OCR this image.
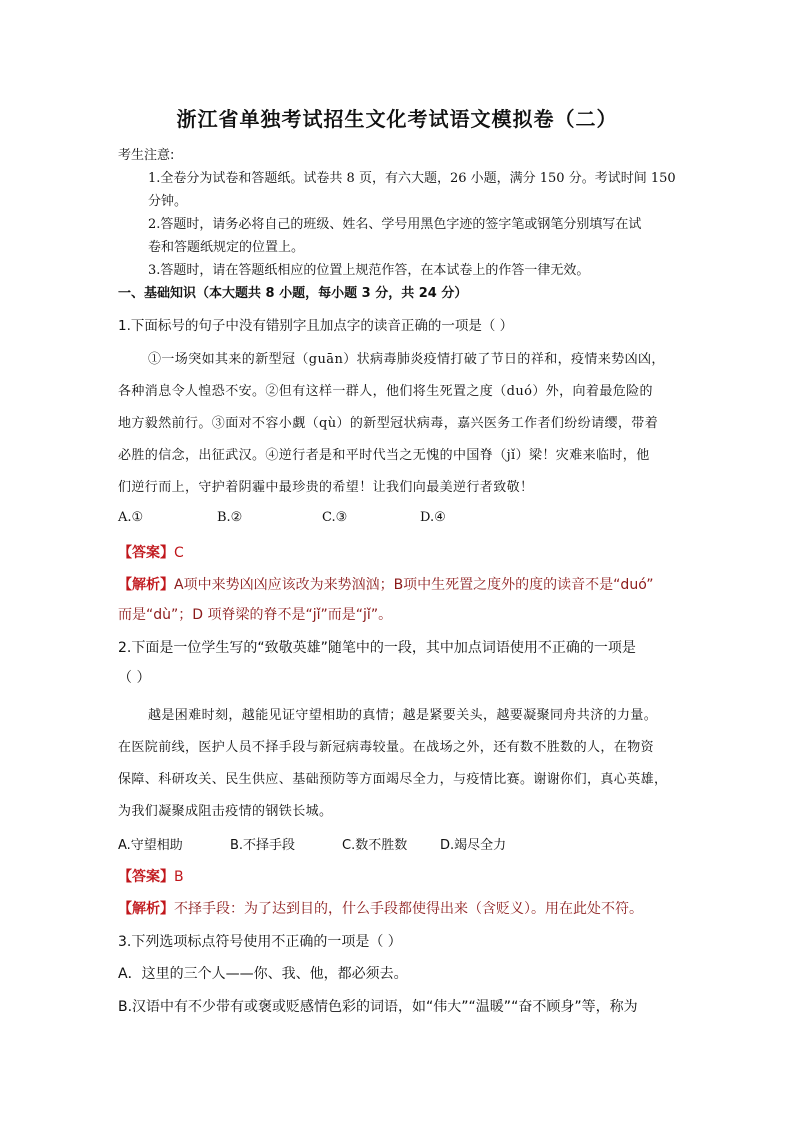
浙江省单独考试招生文化考试语文模拟卷（二）
考生注意:
1.全卷分为试卷和答题纸。试卷共 8 页，有六大题，26 小题，满分 150 分。考试时间 150
分钟。
2.答题时，请务必将自己的班级、姓名、学号用黑色字迹的签字笔或钢笔分别填写在试
卷和答题纸规定的位置上。
3.答题时，请在答题纸相应的位置上规范作答，在本试卷上的作答一律无效。
一、基础知识（本大题共 8 小题，每小题 3 分，共 24 分）
1.下面标号的句子中没有错别字且加点字的读音正确的一项是（ ）
①一场突如其来的新型冠（guān）状病毒肺炎疫情打破了节日的祥和，疫情来势凶凶，
各种消息令人惶恐不安。②但有这样一群人，他们将生死置之度（duó）外，向着最危险的
地方毅然前行。③面对不容小觑（qù）的新型冠状病毒，嘉兴医务工作者们纷纷请缨，带着
必胜的信念，出征武汉。④逆行者是和平时代当之无愧的中国脊（jǐ）梁！灾难来临时，他
们逆行而上，守护着阴霾中最珍贵的希望！让我们向最美逆行者致敬！
A.①	B.②	C.③	D.④
【答案】C
【解析】A项中来势凶凶应该改为来势汹汹；B项中生死置之度外的度的读音不是“duó”
而是“dù”；D 项脊梁的脊不是“jǐ”而是“jǐ”。
2.下面是一位学生写的“致敬英雄”随笔中的一段，其中加点词语使用不正确的一项是
（ ）
越是困难时刻，越能见证守望相助的真情；越是紧要关头，越要凝聚同舟共济的力量。
在医院前线，医护人员不择手段与新冠病毒较量。在战场之外，还有数不胜数的人，在物资
保障、科研攻关、民生供应、基础预防等方面竭尽全力，与疫情比赛。谢谢你们，真心英雄，
为我们凝聚成阻击疫情的钢铁长城。
A.守望相助	B.不择手段	C.数不胜数	D.竭尽全力
【答案】B
【解析】不择手段：为了达到目的，什么手段都使得出来（含贬义）。用在此处不符。
3.下列选项标点符号使用不正确的一项是（ ）
A．这里的三个人——你、我、他，都必须去。
B.汉语中有不少带有或褒或贬感情色彩的词语，如“伟大”“温暖”“奋不顾身”等，称为
